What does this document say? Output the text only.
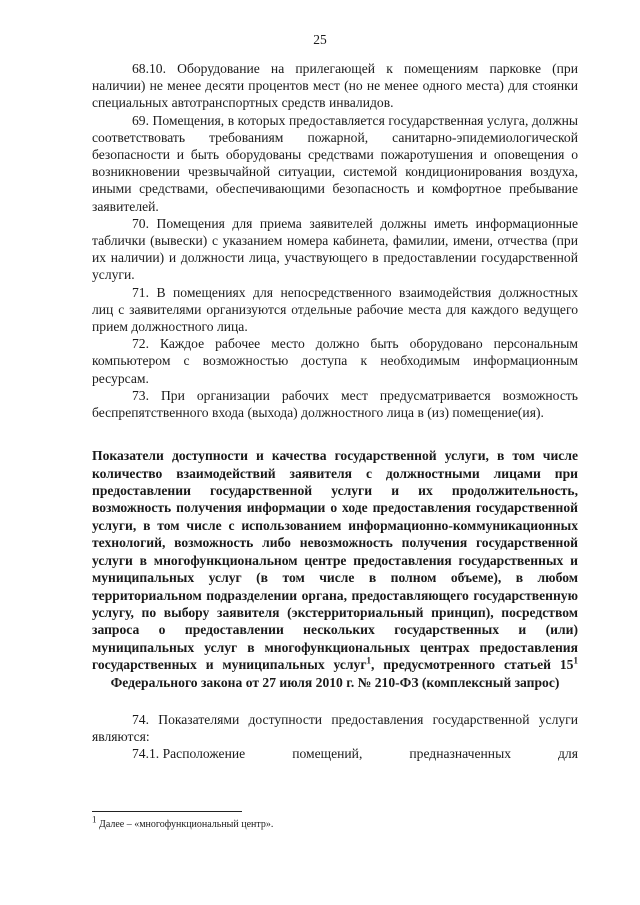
25

68.10. Оборудование на прилегающей к помещениям парковке (при наличии) не менее десяти процентов мест (но не менее одного места) для стоянки специальных автотранспортных средств инвалидов.

69. Помещения, в которых предоставляется государственная услуга, должны соответствовать требованиям пожарной, санитарно-эпидемиологической безопасности и быть оборудованы средствами пожаротушения и оповещения о возникновении чрезвычайной ситуации, системой кондиционирования воздуха, иными средствами, обеспечивающими безопасность и комфортное пребывание заявителей.

70. Помещения для приема заявителей должны иметь информационные таблички (вывески) с указанием номера кабинета, фамилии, имени, отчества (при их наличии) и должности лица, участвующего в предоставлении государственной услуги.

71. В помещениях для непосредственного взаимодействия должностных лиц с заявителями организуются отдельные рабочие места для каждого ведущего прием должностного лица.

72. Каждое рабочее место должно быть оборудовано персональным компьютером с возможностью доступа к необходимым информационным ресурсам.

73. При организации рабочих мест предусматривается возможность беспрепятственного входа (выхода) должностного лица в (из) помещение(ия).

Показатели доступности и качества государственной услуги, в том числе количество взаимодействий заявителя с должностными лицами при предоставлении государственной услуги и их продолжительность, возможность получения информации о ходе предоставления государственной услуги, в том числе с использованием информационно-коммуникационных технологий, возможность либо невозможность получения государственной услуги в многофункциональном центре предоставления государственных и муниципальных услуг (в том числе в полном объеме), в любом территориальном подразделении органа, предоставляющего государственную услугу, по выбору заявителя (экстерриториальный принцип), посредством запроса о предоставлении нескольких государственных и (или) муниципальных услуг в многофункциональных центрах предоставления государственных и муниципальных услуг$^1$, предусмотренного статьей $15^1$ Федерального закона от 27 июля 2010 г. № 210-ФЗ (комплексный запрос)

74. Показателями доступности предоставления государственной услуги являются:

74.1. Расположение	помещений,	предназначенных	для
$^1$ Далее – «многофункциональный центр».
